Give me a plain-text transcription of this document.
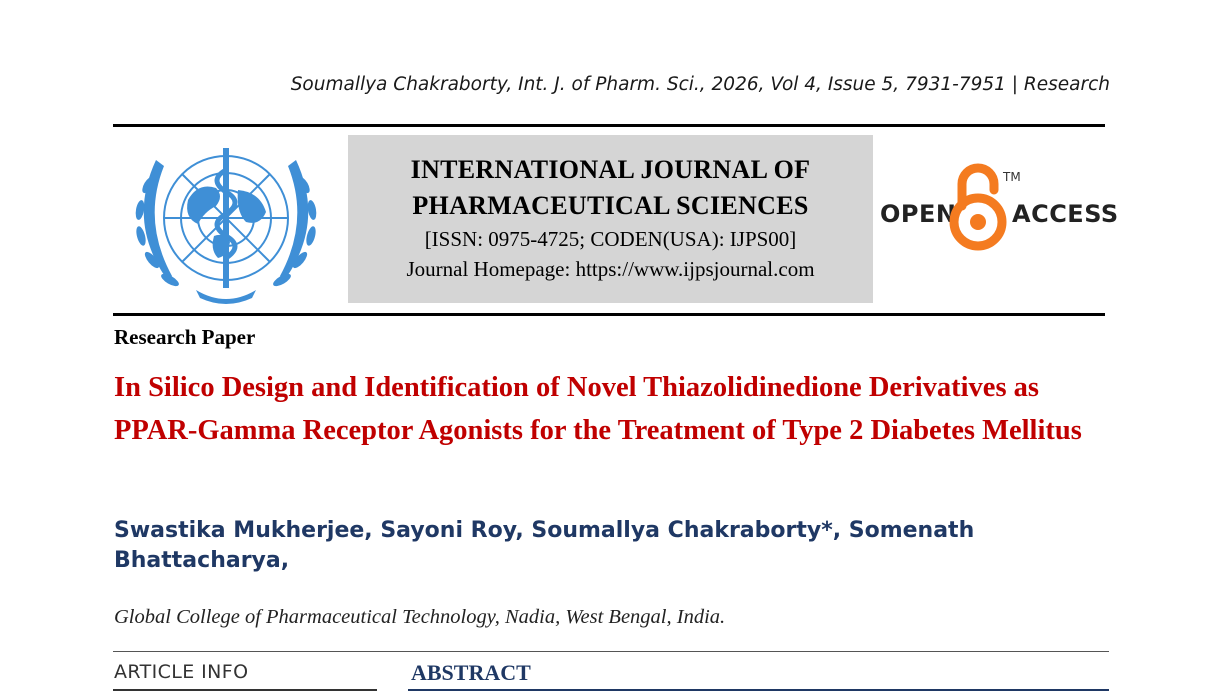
Soumallya Chakraborty, Int. J. of Pharm. Sci., 2026, Vol 4, Issue 5, 7931-7951 | Research
INTERNATIONAL JOURNAL OF
PHARMACEUTICAL SCIENCES
[ISSN: 0975-4725; CODEN(USA): IJPS00]
Journal Homepage: https://www.ijpsjournal.com
OPEN
TM
ACCESS
Research Paper
In Silico Design and Identification of Novel Thiazolidinedione Derivatives as PPAR-Gamma Receptor Agonists for the Treatment of Type 2 Diabetes Mellitus
Swastika Mukherjee, Sayoni Roy, Soumallya Chakraborty*, Somenath Bhattacharya,
Global College of Pharmaceutical Technology, Nadia, West Bengal, India.
ARTICLE INFO	ABSTRACT
